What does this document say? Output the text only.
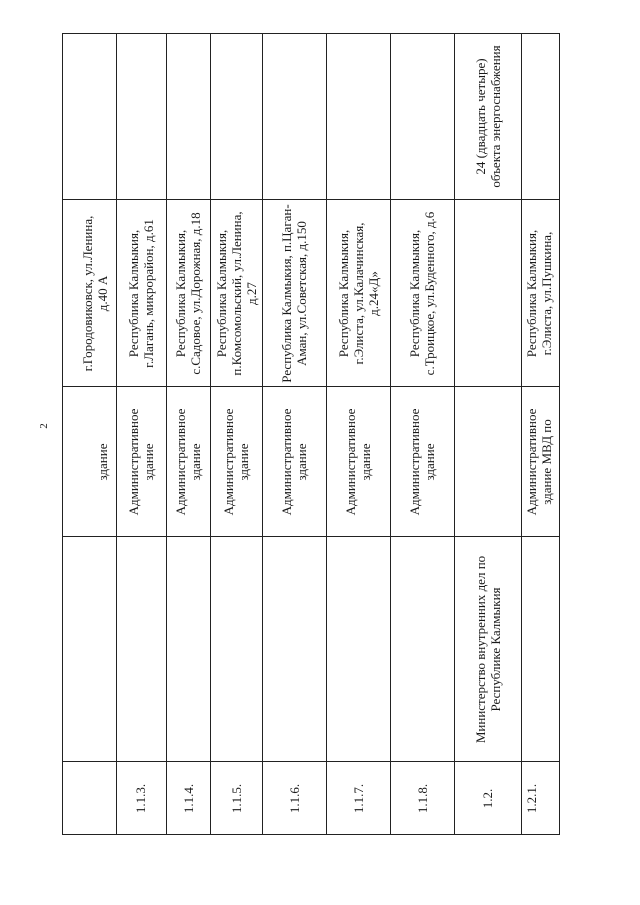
2
здание
г.Городовиковск, ул.Ленина, д.40 А
1.1.3.
Административное здание
Республика Калмыкия, г.Лагань, микрорайон, д.61
1.1.4.
Административное здание
Республика Калмыкия, с.Садовое, ул.Дорожная, д.18
1.1.5.
Административное здание
Республика Калмыкия, п.Комсомольский, ул.Ленина, д.27
1.1.6.
Административное здание
Республика Калмыкия, п.Цаган-Аман, ул.Советская, д.150
1.1.7.
Административное здание
Республика Калмыкия, г.Элиста, ул.Калачинская, д.24«Д»
1.1.8.
Административное здание
Республика Калмыкия, с.Троицкое, ул.Буденного, д.6
1.2.
Министерство внутренних дел по Республике Калмыкия
24 (двадцать четыре) объекта энергоснабжения
1.2.1.
Административное здание МВД по
Республика Калмыкия, г.Элиста, ул.Пушкина,
